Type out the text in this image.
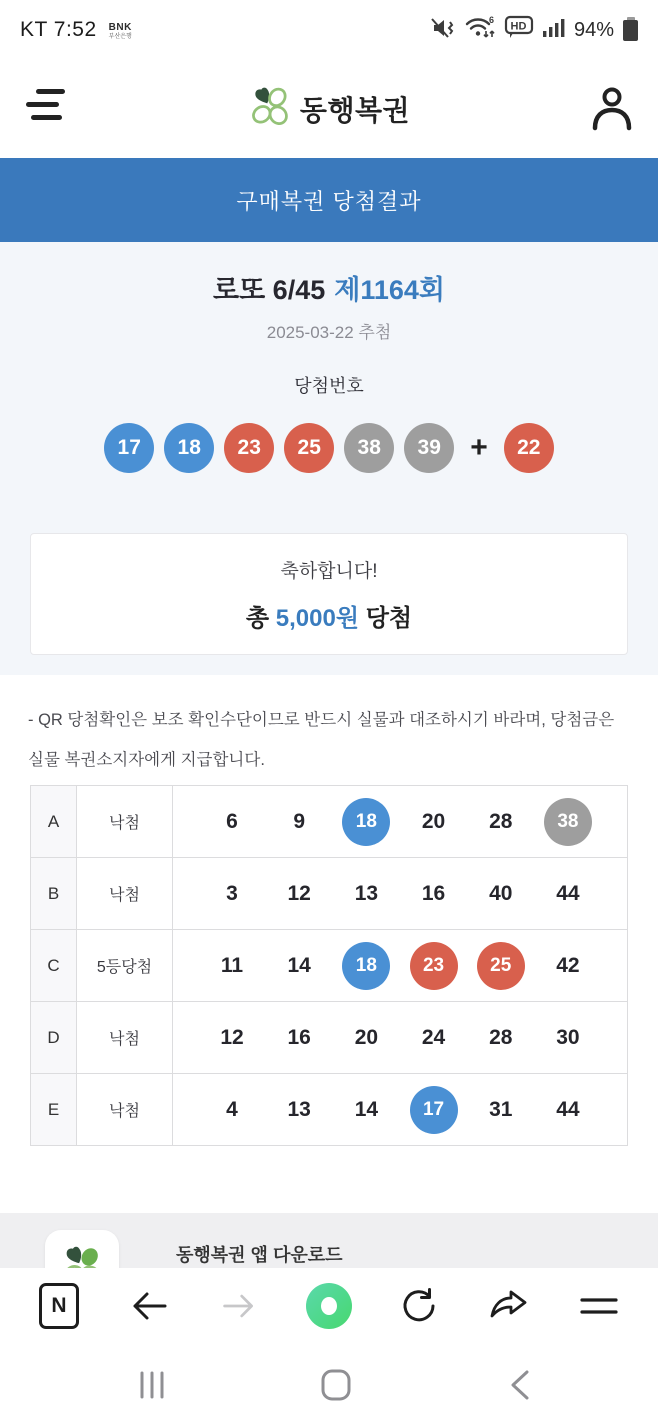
KT 7:52 BNK
부산은행
6
HD 94%
동행복권
구매복권 당첨결과
로또 6/45 제1164회
2025-03-22 추첨
당첨번호
17	18	23	25	38	39 +	22
축하합니다!
총 5,000원 당첨

- QR 당첨확인은 보조 확인수단이므로 반드시 실물과 대조하시기 바라며, 당첨금은 실물 복권소지자에게 지급합니다.

A	낙첨	6	9	18	20 28	38

B	낙첨	3 12 13 16 40 44

C	5등당첨	11 14	18	23	25	42

D	낙첨	12 16 20 24 28 30

E	낙첨	4 13 14	17	31 44
동행복권 앱 다운로드
N
